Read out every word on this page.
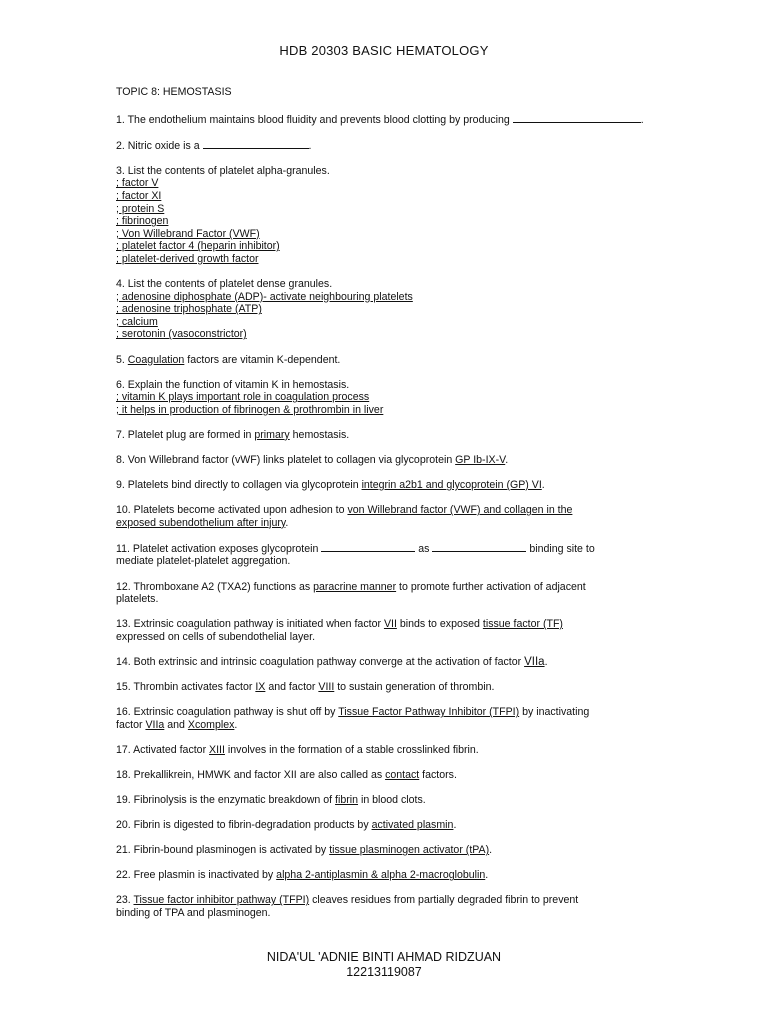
HDB 20303 BASIC HEMATOLOGY
TOPIC 8: HEMOSTASIS
1. The endothelium maintains blood fluidity and prevents blood clotting by producing	.
2. Nitric oxide is a	.
3. List the contents of platelet alpha-granules.
; factor V
; factor XI
; protein S
; fibrinogen
; Von Willebrand Factor (VWF)
; platelet factor 4 (heparin inhibitor)
; platelet-derived growth factor
4. List the contents of platelet dense granules.
; adenosine diphosphate (ADP)- activate neighbouring platelets
; adenosine triphosphate (ATP)
; calcium
; serotonin (vasoconstrictor)
5. Coagulation factors are vitamin K-dependent.
6. Explain the function of vitamin K in hemostasis.
; vitamin K plays important role in coagulation process
; it helps in production of fibrinogen & prothrombin in liver
7. Platelet plug are formed in primary hemostasis.
8. Von Willebrand factor (vWF) links platelet to collagen via glycoprotein GP Ib-IX-V.
9. Platelets bind directly to collagen via glycoprotein integrin a2b1 and glycoprotein (GP) VI.
10. Platelets become activated upon adhesion to von Willebrand factor (VWF) and collagen in the
exposed subendothelium after injury.
11. Platelet activation exposes glycoprotein	as	binding site to
mediate platelet-platelet aggregation.
12. Thromboxane A2 (TXA2) functions as paracrine manner to promote further activation of adjacent
platelets.
13. Extrinsic coagulation pathway is initiated when factor VII binds to exposed tissue factor (TF)
expressed on cells of subendothelial layer.
14. Both extrinsic and intrinsic coagulation pathway converge at the activation of factor VIIa.
15. Thrombin activates factor IX and factor VIII to sustain generation of thrombin.
16. Extrinsic coagulation pathway is shut off by Tissue Factor Pathway Inhibitor (TFPI) by inactivating
factor VIIa and Xcomplex.
17. Activated factor XIII involves in the formation of a stable crosslinked fibrin.
18. Prekallikrein, HMWK and factor XII are also called as contact factors.
19. Fibrinolysis is the enzymatic breakdown of fibrin in blood clots.
20. Fibrin is digested to fibrin-degradation products by activated plasmin.
21. Fibrin-bound plasminogen is activated by tissue plasminogen activator (tPA).
22. Free plasmin is inactivated by alpha 2-antiplasmin & alpha 2-macroglobulin.
23. Tissue factor inhibitor pathway (TFPI) cleaves residues from partially degraded fibrin to prevent
binding of TPA and plasminogen.
NIDA'UL 'ADNIE BINTI AHMAD RIDZUAN
12213119087
